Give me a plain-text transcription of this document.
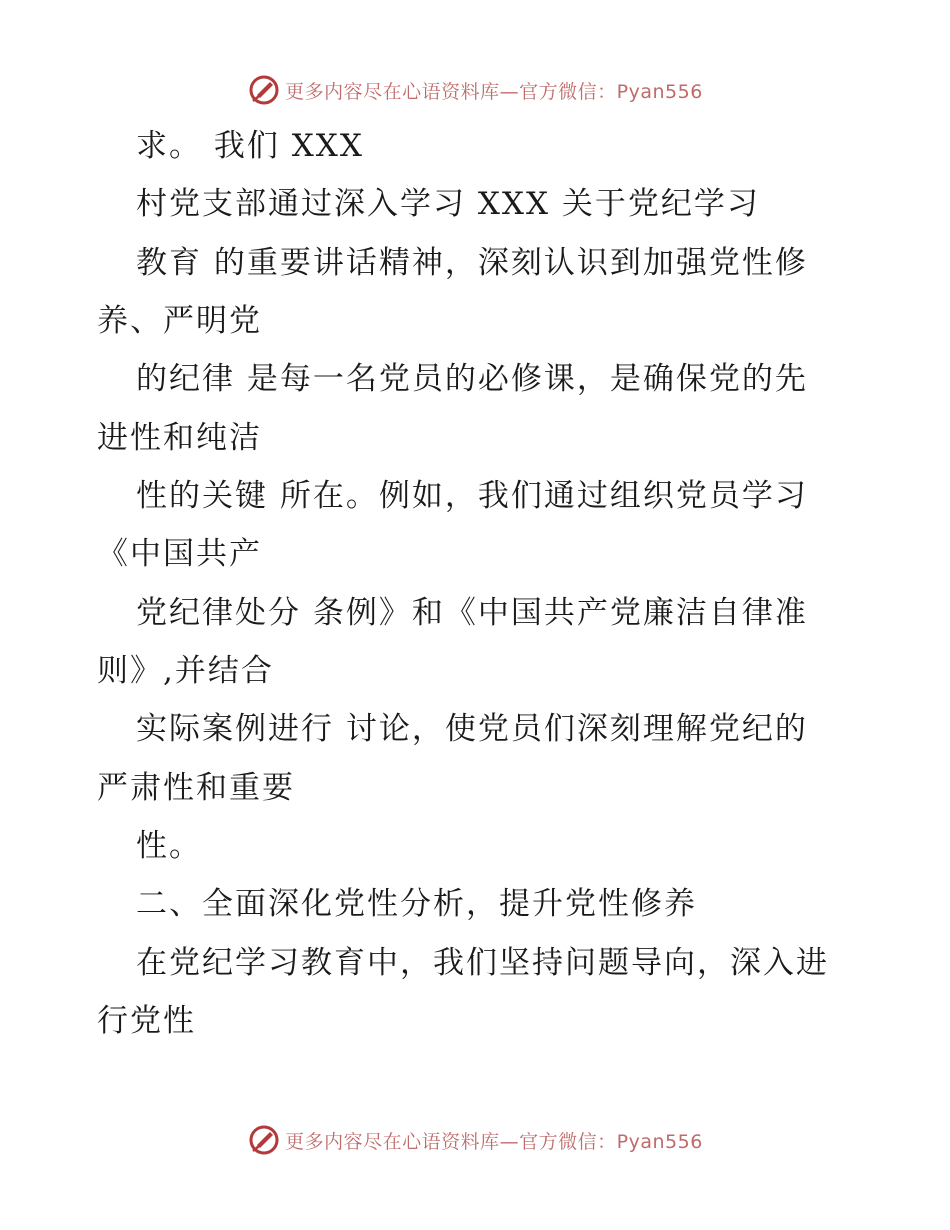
更多内容尽在心语资料库—官方微信：Pyan556
求。 我们 XXX
村党支部通过深入学习 XXX 关于党纪学习
教育 的重要讲话精神，深刻认识到加强党性修
养、严明党
的纪律 是每一名党员的必修课，是确保党的先
进性和纯洁
性的关键 所在。例如，我们通过组织党员学习
《中国共产
党纪律处分 条例》和《中国共产党廉洁自律准
则》,并结合
实际案例进行 讨论，使党员们深刻理解党纪的
严肃性和重要
性。
二、全面深化党性分析，提升党性修养
在党纪学习教育中，我们坚持问题导向，深入进
行党性
更多内容尽在心语资料库—官方微信：Pyan556
